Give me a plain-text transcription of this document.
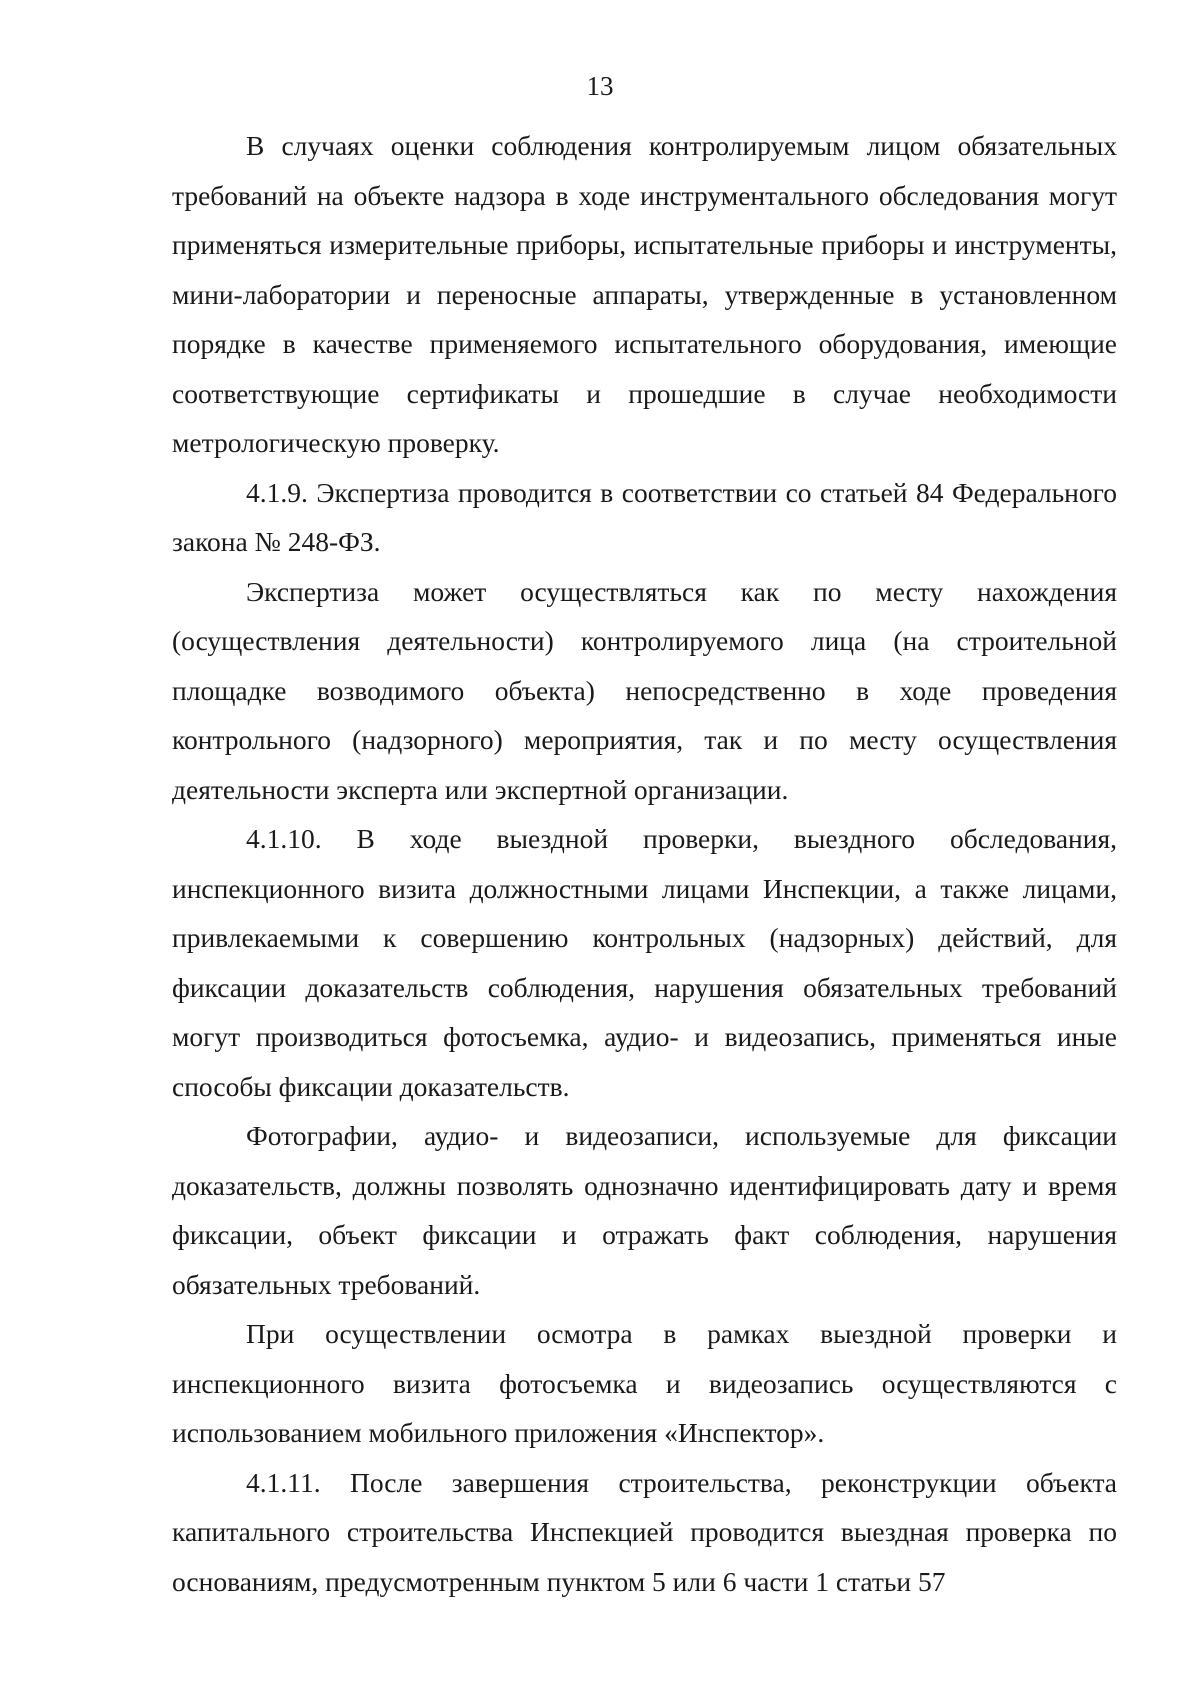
13

В случаях оценки соблюдения контролируемым лицом обязательных требований на объекте надзора в ходе инструментального обследования могут применяться измерительные приборы, испытательные приборы и инструменты, мини-лаборатории и переносные аппараты, утвержденные в установленном порядке в качестве применяемого испытательного оборудования, имеющие соответствующие сертификаты и прошедшие в случае необходимости метрологическую проверку.

4.1.9. Экспертиза проводится в соответствии со статьей 84 Федерального закона № 248-ФЗ.

Экспертиза может осуществляться как по месту нахождения (осуществления деятельности) контролируемого лица (на строительной площадке возводимого объекта) непосредственно в ходе проведения контрольного (надзорного) мероприятия, так и по месту осуществления деятельности эксперта или экспертной организации.

4.1.10. В ходе выездной проверки, выездного обследования, инспекционного визита должностными лицами Инспекции, а также лицами, привлекаемыми к совершению контрольных (надзорных) действий, для фиксации доказательств соблюдения, нарушения обязательных требований могут производиться фотосъемка, аудио- и видеозапись, применяться иные способы фиксации доказательств.

Фотографии, аудио- и видеозаписи, используемые для фиксации доказательств, должны позволять однозначно идентифицировать дату и время фиксации, объект фиксации и отражать факт соблюдения, нарушения обязательных требований.

При осуществлении осмотра в рамках выездной проверки и инспекционного визита фотосъемка и видеозапись осуществляются с использованием мобильного приложения «Инспектор».

4.1.11. После завершения строительства, реконструкции объекта капитального строительства Инспекцией проводится выездная проверка по основаниям, предусмотренным пунктом 5 или 6 части 1 статьи 57
